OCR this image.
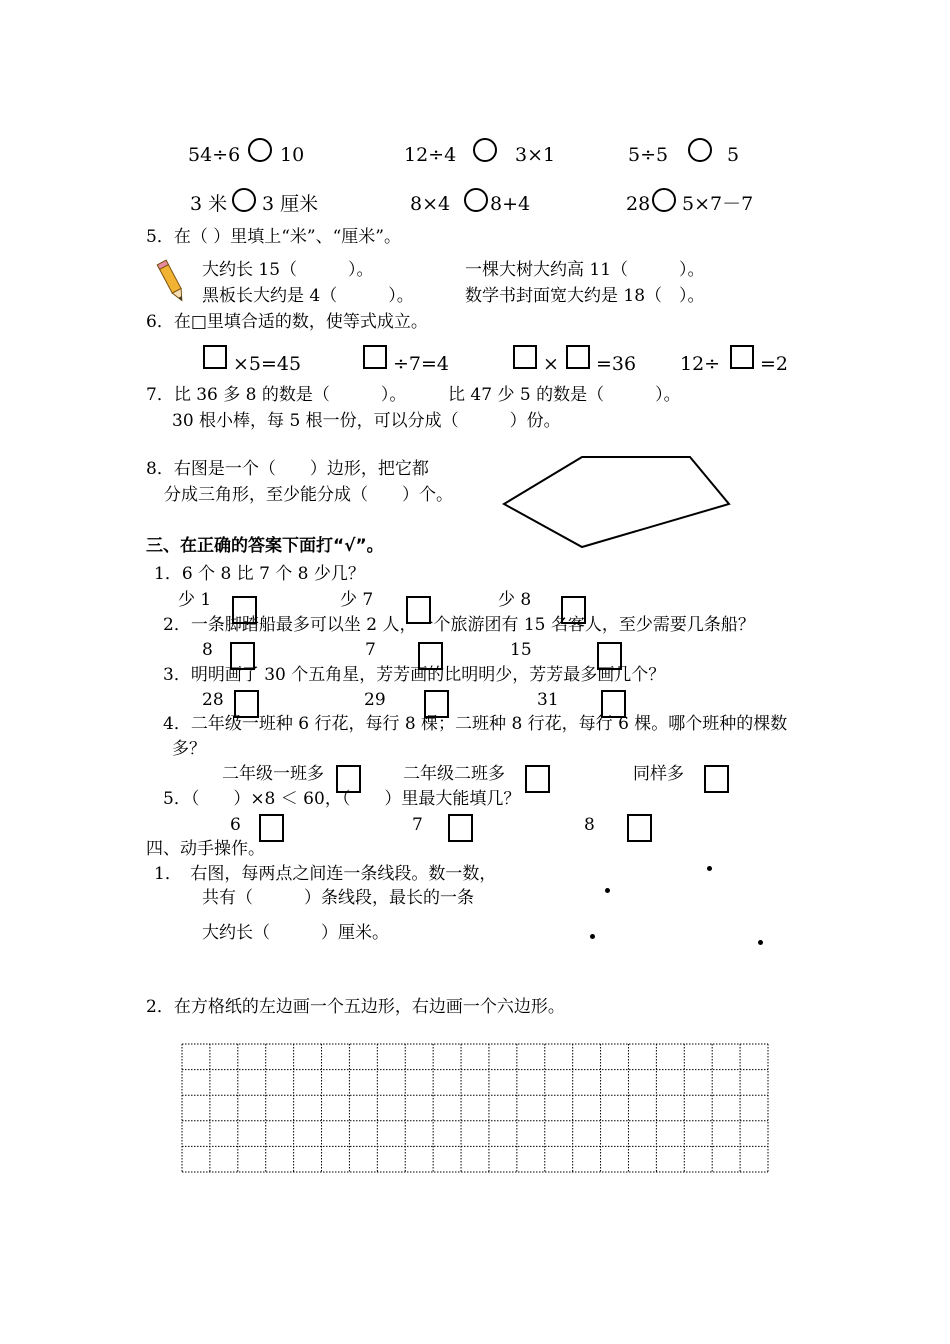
54÷6 10	12÷4	3×1	5÷5	5
3 米 3 厘米	8×4 8+4	28 5×7－7
5．在（ ）里填上“米”、“厘米”。
大约长 15（　　　）。	一棵大树大约高 11（　　　）。
黑板长大约是 4（　　　）。	数学书封面宽大约是 18（　）。
6．在□里填合适的数，使等式成立。
×5=45	÷7=4	× =36 12÷ =2
7．比 36 多 8 的数是（　　　）。 比 47 少 5 的数是（　　　）。
30 根小棒，每 5 根一份，可以分成（　　　）份。
8．右图是一个（　　）边形，把它都
分成三角形，至少能分成（　　）个。
三、在正确的答案下面打“√”。
1．6 个 8 比 7 个 8 少几？
少 1	少 7	少 8
2．一条脚踏船最多可以坐 2 人，一个旅游团有 15 名客人，至少需要几条船？
8	7	15
3．明明画了 30 个五角星，芳芳画的比明明少，芳芳最多画几个？
28	29	31
4．二年级一班种 6 行花，每行 8 棵；二班种 8 行花，每行 6 棵。哪个班种的棵数
多？
二年级一班多	二年级二班多	同样多
5．（　　）×8 ＜ 60，（　　）里最大能填几？
6	7	8
四、动手操作。
1．　右图，每两点之间连一条线段。数一数，
共有（　　　）条线段，最长的一条
大约长（　　　）厘米。
2．在方格纸的左边画一个五边形，右边画一个六边形。
